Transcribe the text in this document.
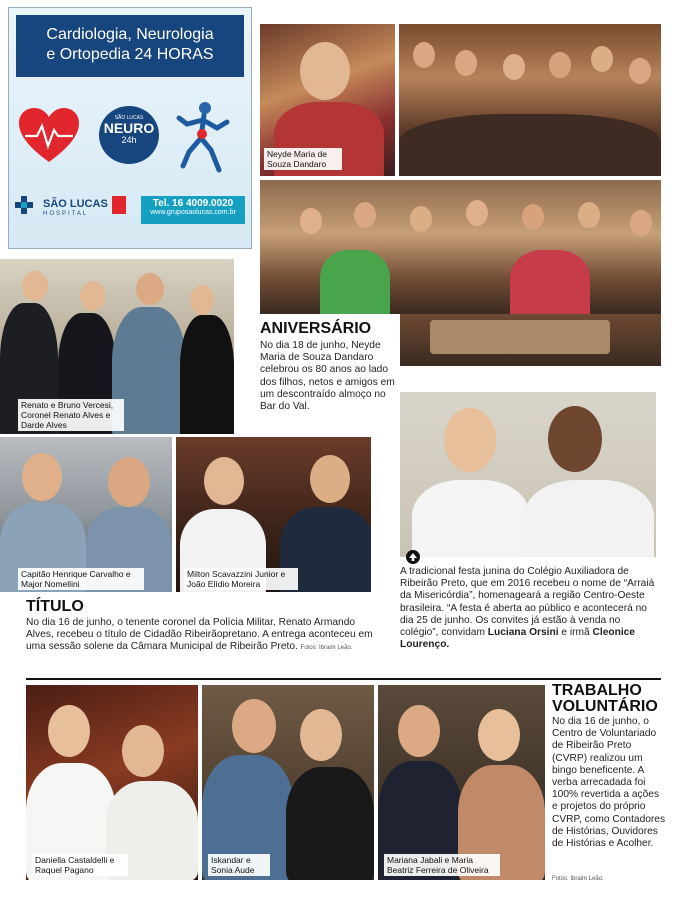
Cardiologia, Neurologia
e Ortopedia 24 HORAS
SÃO LUCAS
NEURO
24h
SÃO LUCAS
HOSPITAL
Tel. 16 4009.0020
www.gruposaolucas.com.br
Neyde Maria de Souza Dandaro
ANIVERSÁRIO
No dia 18 de junho, Neyde Maria de Souza Dandaro celebrou os 80 anos ao lado dos filhos, netos e amigos em um descontraído almoço no Bar do Val.
Renato e Bruno Vercesi, Coronel Renato Alves e Darde Alves
A tradicional festa junina do Colégio Auxiliadora de Ribeirão Preto, que em 2016 recebeu o nome de “Arraiá da Misericórdia”, homenageará a região Centro-Oeste brasileira. “A festa é aberta ao público e acontecerá no dia 25 de junho. Os convites já estão à venda no colégio”, convidam Luciana Orsini e irmã Cleonice Lourenço.
Capitão Henrique Carvalho e Major Nomellini
Milton Scavazzini Junior e João Elídio Moreira
TÍTULO
No dia 16 de junho, o tenente coronel da Polícia Militar, Renato Armando Alves, recebeu o título de Cidadão Ribeirãopretano. A entrega aconteceu em uma sessão solene da Câmara Municipal de Ribeirão Preto. Fotos: Ibraim Leão.
Daniella Castaldelli e Raquel Pagano
Iskandar e Sonia Aude
Mariana Jabali e Maria Beatriz Ferreira de Oliveira
TRABALHO
VOLUNTÁRIO
No dia 16 de junho, o Centro de Voluntariado de Ribeirão Preto (CVRP) realizou um bingo beneficente. A verba arrecadada foi 100% revertida a ações e projetos do próprio CVRP, como Contadores de Histórias, Ouvidores de Histórias e Acolher.
Fotos: Ibraim Leão.
